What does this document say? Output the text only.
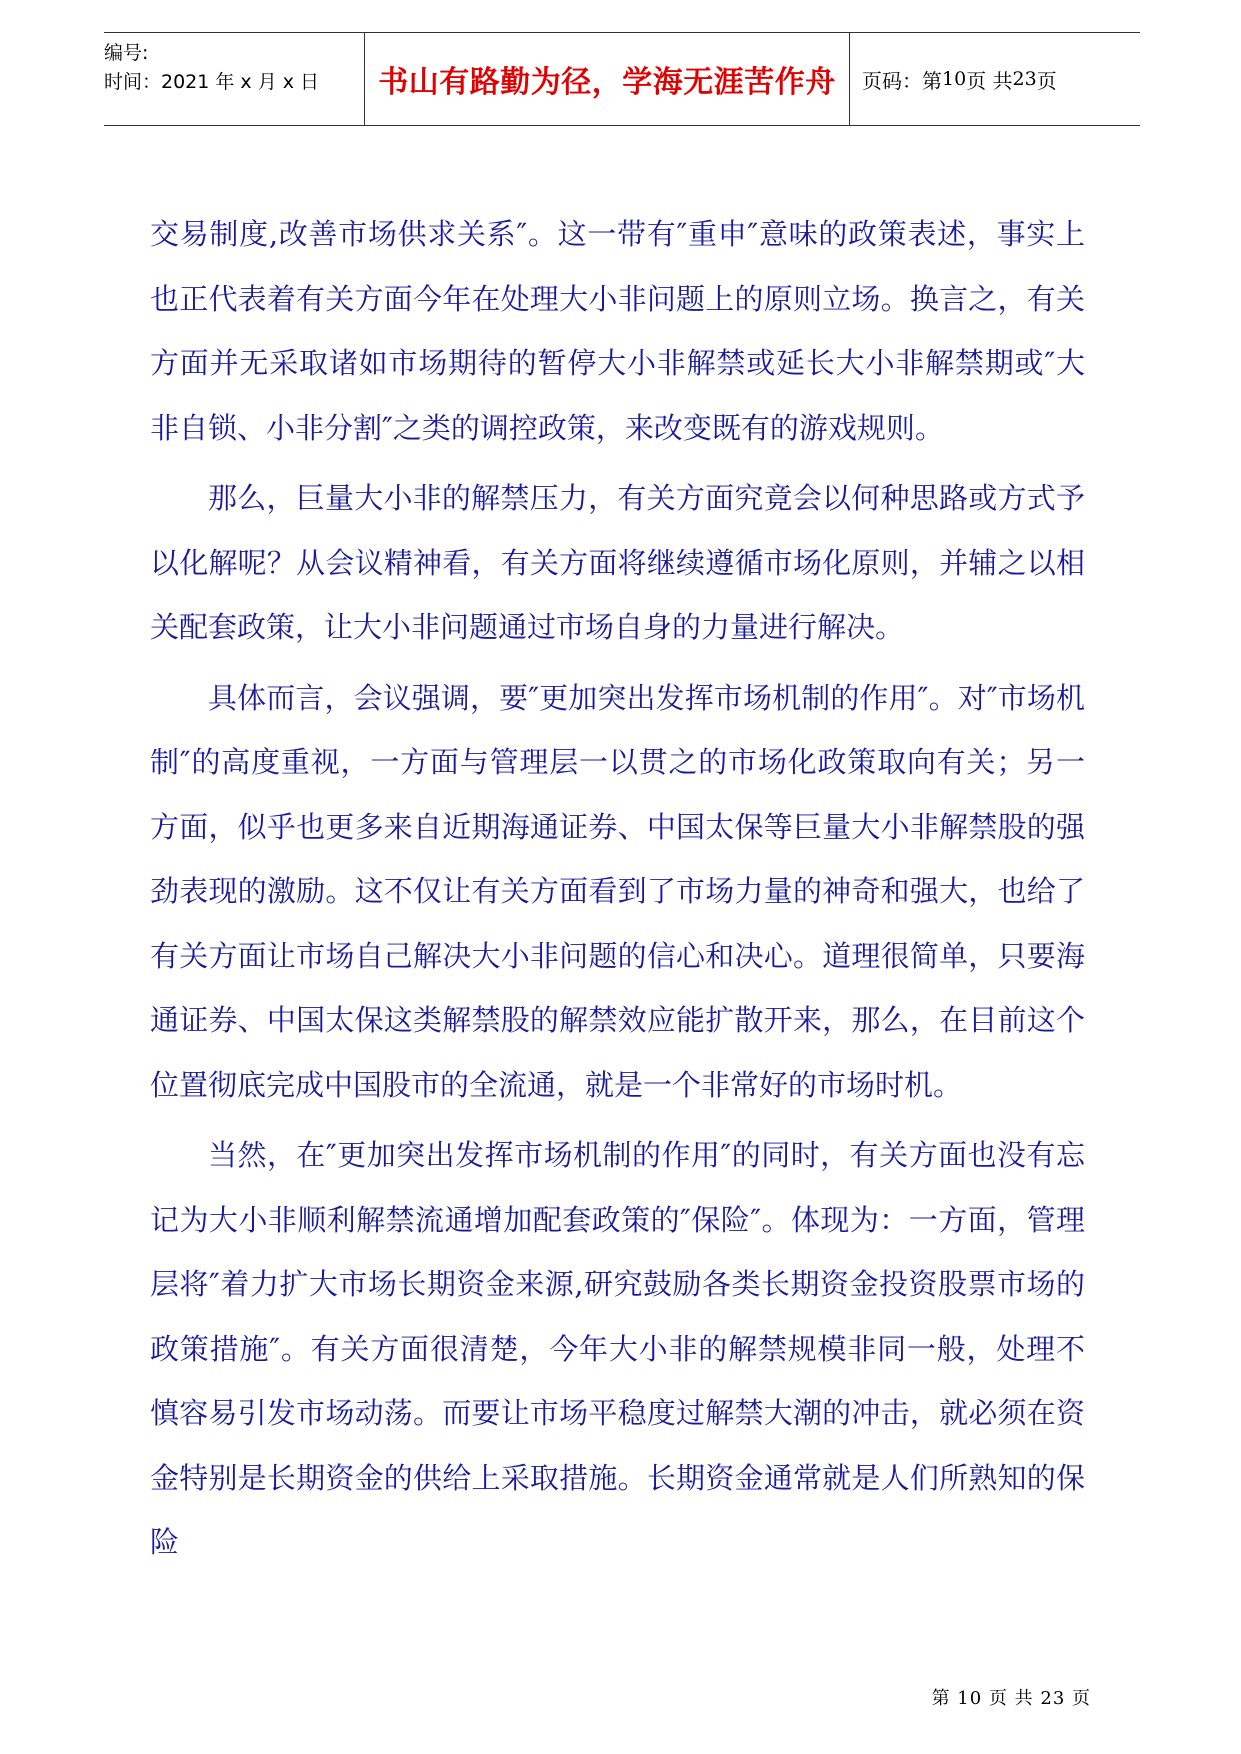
编号:
时间：2021 年 x 月 x 日	书山有路勤为径，学海无涯苦作舟	页码：第 10 页 共 23 页

交易制度,改善市场供求关系″。这一带有″重申″意味的政策表述，事实上也正代表着有关方面今年在处理大小非问题上的原则立场。换言之，有关方面并无采取诸如市场期待的暂停大小非解禁或延长大小非解禁期或″大非自锁、小非分割″之类的调控政策，来改变既有的游戏规则。

那么，巨量大小非的解禁压力，有关方面究竟会以何种思路或方式予以化解呢？从会议精神看，有关方面将继续遵循市场化原则，并辅之以相关配套政策，让大小非问题通过市场自身的力量进行解决。

具体而言，会议强调，要″更加突出发挥市场机制的作用″。对″市场机制″的高度重视，一方面与管理层一以贯之的市场化政策取向有关；另一方面，似乎也更多来自近期海通证券、中国太保等巨量大小非解禁股的强劲表现的激励。这不仅让有关方面看到了市场力量的神奇和强大，也给了有关方面让市场自己解决大小非问题的信心和决心。道理很简单，只要海通证券、中国太保这类解禁股的解禁效应能扩散开来，那么，在目前这个位置彻底完成中国股市的全流通，就是一个非常好的市场时机。

当然，在″更加突出发挥市场机制的作用″的同时，有关方面也没有忘记为大小非顺利解禁流通增加配套政策的″保险″。体现为：一方面，管理层将″着力扩大市场长期资金来源,研究鼓励各类长期资金投资股票市场的政策措施″。有关方面很清楚，今年大小非的解禁规模非同一般，处理不慎容易引发市场动荡。而要让市场平稳度过解禁大潮的冲击，就必须在资金特别是长期资金的供给上采取措施。长期资金通常就是人们所熟知的保险

第 10 页 共 23 页
